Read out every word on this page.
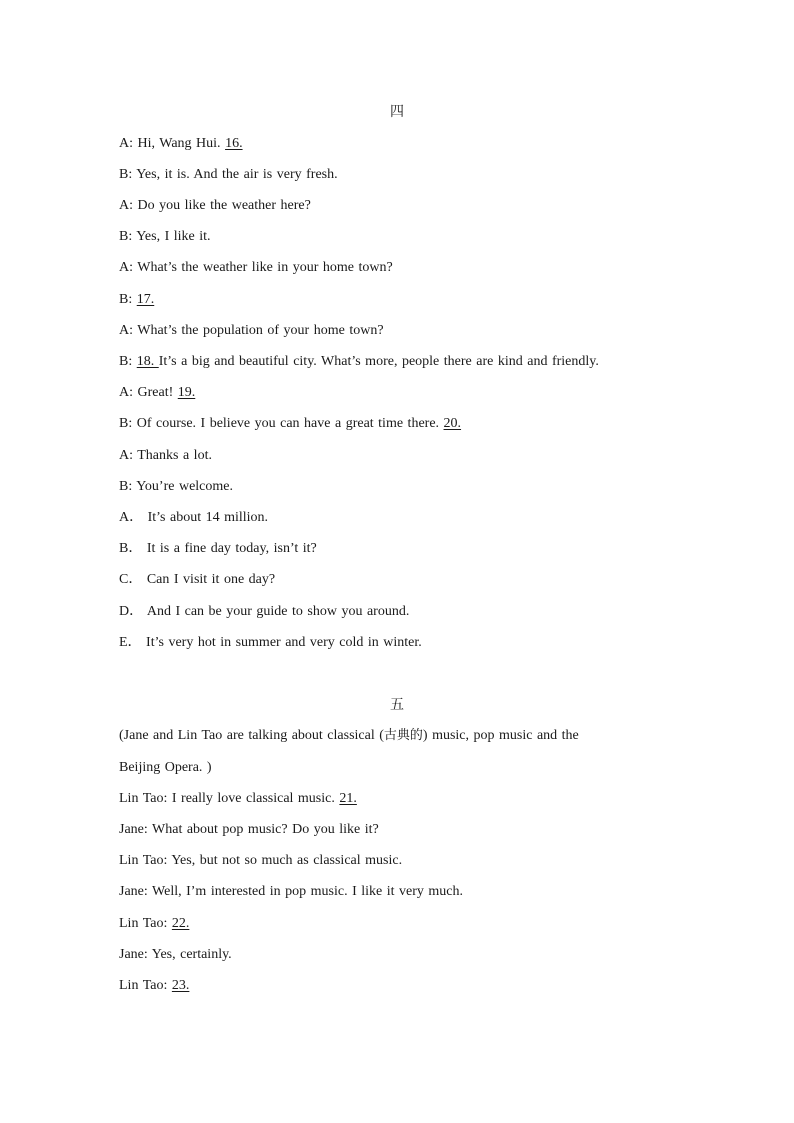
四
A: Hi, Wang Hui. 16.
B: Yes, it is. And the air is very fresh.
A: Do you like the weather here?
B: Yes, I like it.
A: What’s the weather like in your home town?
B: 17.
A: What’s the population of your home town?
B: 18. It’s a big and beautiful city. What’s more, people there are kind and friendly.
A: Great! 19.
B: Of course. I believe you can have a great time there. 20.
A: Thanks a lot.
B: You’re welcome.
A． It’s about 14 million.
B． It is a fine day today, isn’t it?
C． Can I visit it one day?
D． And I can be your guide to show you around.
E． It’s very hot in summer and very cold in winter.
五
(Jane and Lin Tao are talking about classical (古典的) music, pop music and the
Beijing Opera. )
Lin Tao: I really love classical music. 21.
Jane: What about pop music? Do you like it?
Lin Tao: Yes, but not so much as classical music.
Jane: Well, I’m interested in pop music. I like it very much.
Lin Tao: 22.
Jane: Yes, certainly.
Lin Tao: 23.
